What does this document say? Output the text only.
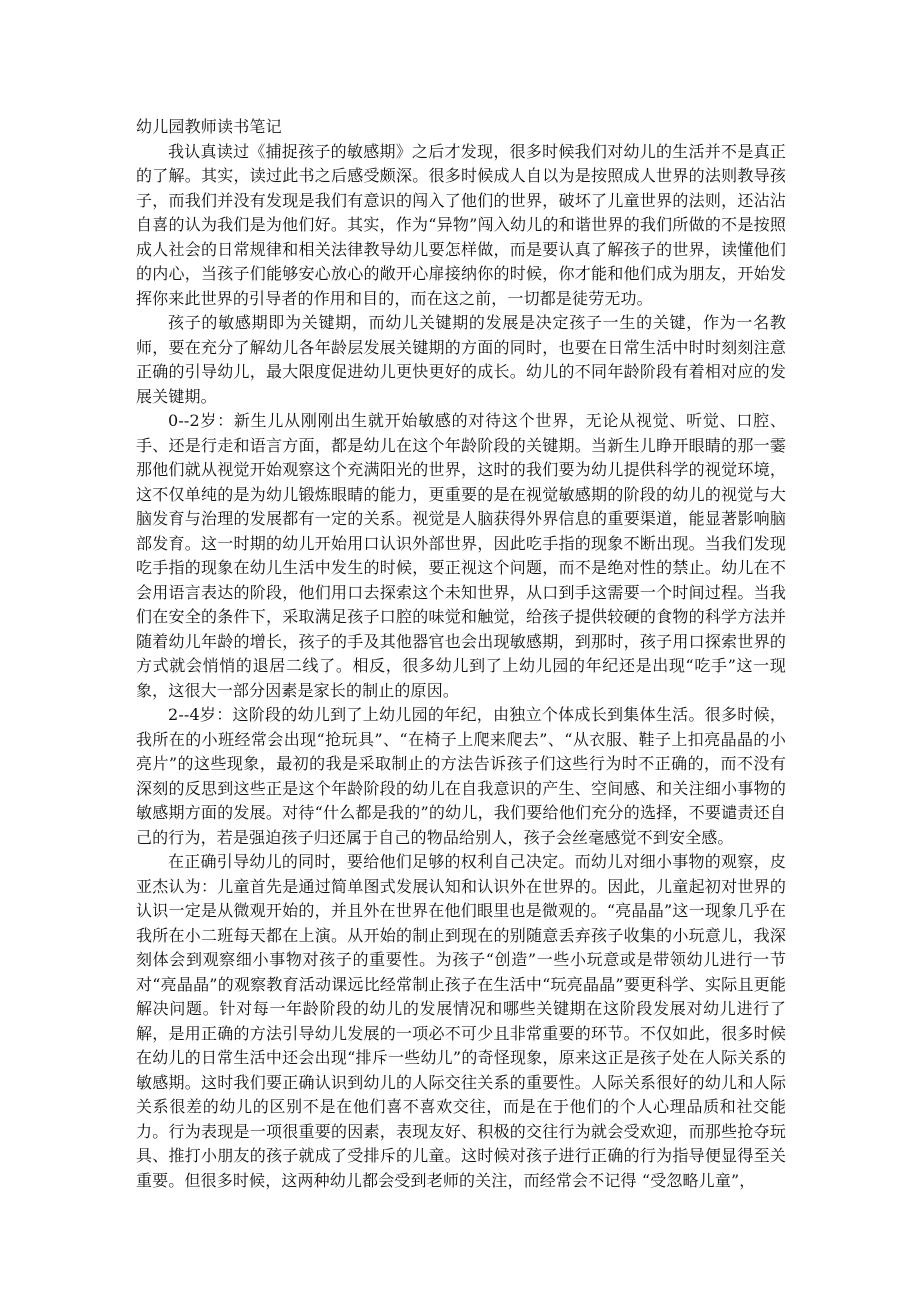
幼儿园教师读书笔记

我认真读过《捕捉孩子的敏感期》之后才发现，很多时候我们对幼儿的生活并不是真正的了解。其实，读过此书之后感受颇深。很多时候成人自以为是按照成人世界的法则教导孩子，而我们并没有发现是我们有意识的闯入了他们的世界，破坏了儿童世界的法则，还沾沾自喜的认为我们是为他们好。其实，作为“异物”闯入幼儿的和谐世界的我们所做的不是按照成人社会的日常规律和相关法律教导幼儿要怎样做，而是要认真了解孩子的世界，读懂他们的内心，当孩子们能够安心放心的敞开心扉接纳你的时候，你才能和他们成为朋友，开始发挥你来此世界的引导者的作用和目的，而在这之前，一切都是徒劳无功。

孩子的敏感期即为关键期，而幼儿关键期的发展是决定孩子一生的关键，作为一名教师，要在充分了解幼儿各年龄层发展关键期的方面的同时，也要在日常生活中时时刻刻注意正确的引导幼儿，最大限度促进幼儿更快更好的成长。幼儿的不同年龄阶段有着相对应的发展关键期。

0--2岁：新生儿从刚刚出生就开始敏感的对待这个世界，无论从视觉、听觉、口腔、手、还是行走和语言方面，都是幼儿在这个年龄阶段的关键期。当新生儿睁开眼睛的那一霎那他们就从视觉开始观察这个充满阳光的世界，这时的我们要为幼儿提供科学的视觉环境，这不仅单纯的是为幼儿锻炼眼睛的能力，更重要的是在视觉敏感期的阶段的幼儿的视觉与大脑发育与治理的发展都有一定的关系。视觉是人脑获得外界信息的重要渠道，能显著影响脑部发育。这一时期的幼儿开始用口认识外部世界，因此吃手指的现象不断出现。当我们发现吃手指的现象在幼儿生活中发生的时候，要正视这个问题，而不是绝对性的禁止。幼儿在不会用语言表达的阶段，他们用口去探索这个未知世界，从口到手这需要一个时间过程。当我们在安全的条件下，采取满足孩子口腔的味觉和触觉，给孩子提供较硬的食物的科学方法并随着幼儿年龄的增长，孩子的手及其他器官也会出现敏感期，到那时，孩子用口探索世界的方式就会悄悄的退居二线了。相反，很多幼儿到了上幼儿园的年纪还是出现“吃手”这一现象，这很大一部分因素是家长的制止的原因。

2--4岁：这阶段的幼儿到了上幼儿园的年纪，由独立个体成长到集体生活。很多时候，我所在的小班经常会出现“抢玩具”、“在椅子上爬来爬去”、“从衣服、鞋子上扣亮晶晶的小亮片”的这些现象，最初的我是采取制止的方法告诉孩子们这些行为时不正确的，而不没有深刻的反思到这些正是这个年龄阶段的幼儿在自我意识的产生、空间感、和关注细小事物的敏感期方面的发展。对待“什么都是我的”的幼儿，我们要给他们充分的选择，不要谴责还自己的行为，若是强迫孩子归还属于自己的物品给别人，孩子会丝毫感觉不到安全感。

在正确引导幼儿的同时，要给他们足够的权利自己决定。而幼儿对细小事物的观察，皮亚杰认为：儿童首先是通过简单图式发展认知和认识外在世界的。因此，儿童起初对世界的认识一定是从微观开始的，并且外在世界在他们眼里也是微观的。“亮晶晶”这一现象几乎在我所在小二班每天都在上演。从开始的制止到现在的别随意丢弃孩子收集的小玩意儿，我深刻体会到观察细小事物对孩子的重要性。为孩子“创造”一些小玩意或是带领幼儿进行一节对“亮晶晶”的观察教育活动课远比经常制止孩子在生活中“玩亮晶晶”要更科学、实际且更能解决问题。针对每一年龄阶段的幼儿的发展情况和哪些关键期在这阶段发展对幼儿进行了解，是用正确的方法引导幼儿发展的一项必不可少且非常重要的环节。不仅如此，很多时候在幼儿的日常生活中还会出现“排斥一些幼儿”的奇怪现象，原来这正是孩子处在人际关系的敏感期。这时我们要正确认识到幼儿的人际交往关系的重要性。人际关系很好的幼儿和人际关系很差的幼儿的区别不是在他们喜不喜欢交往，而是在于他们的个人心理品质和社交能力。行为表现是一项很重要的因素，表现友好、积极的交往行为就会受欢迎，而那些抢夺玩具、推打小朋友的孩子就成了受排斥的儿童。这时候对孩子进行正确的行为指导便显得至关重要。但很多时候，这两种幼儿都会受到老师的关注，而经常会不记得 “受忽略儿童”，
